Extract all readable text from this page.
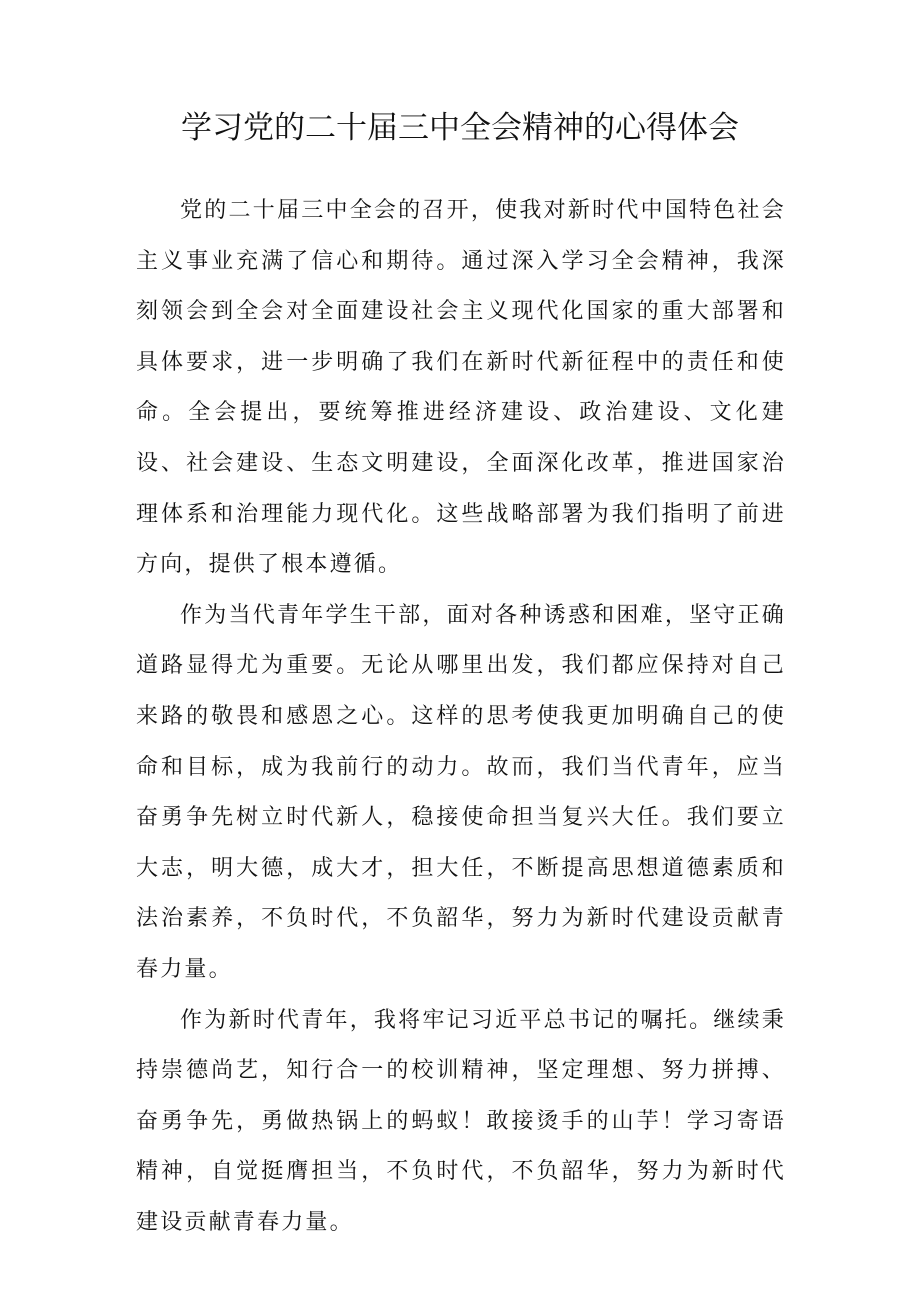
学习党的二十届三中全会精神的心得体会

党的二十届三中全会的召开，使我对新时代中国特色社会主义事业充满了信心和期待。通过深入学习全会精神，我深刻领会到全会对全面建设社会主义现代化国家的重大部署和具体要求，进一步明确了我们在新时代新征程中的责任和使命。全会提出，要统筹推进经济建设、政治建设、文化建设、社会建设、生态文明建设，全面深化改革，推进国家治理体系和治理能力现代化。这些战略部署为我们指明了前进方向，提供了根本遵循。

作为当代青年学生干部，面对各种诱惑和困难，坚守正确道路显得尤为重要。无论从哪里出发，我们都应保持对自己来路的敬畏和感恩之心。这样的思考使我更加明确自己的使命和目标，成为我前行的动力。故而，我们当代青年，应当奋勇争先树立时代新人，稳接使命担当复兴大任。我们要立大志，明大德，成大才，担大任，不断提高思想道德素质和法治素养，不负时代，不负韶华，努力为新时代建设贡献青春力量。

作为新时代青年，我将牢记习近平总书记的嘱托。继续秉持崇德尚艺，知行合一的校训精神，坚定理想、努力拼搏、奋勇争先，勇做热锅上的蚂蚁！敢接烫手的山芋！学习寄语精神，自觉挺膺担当，不负时代，不负韶华，努力为新时代建设贡献青春力量。
